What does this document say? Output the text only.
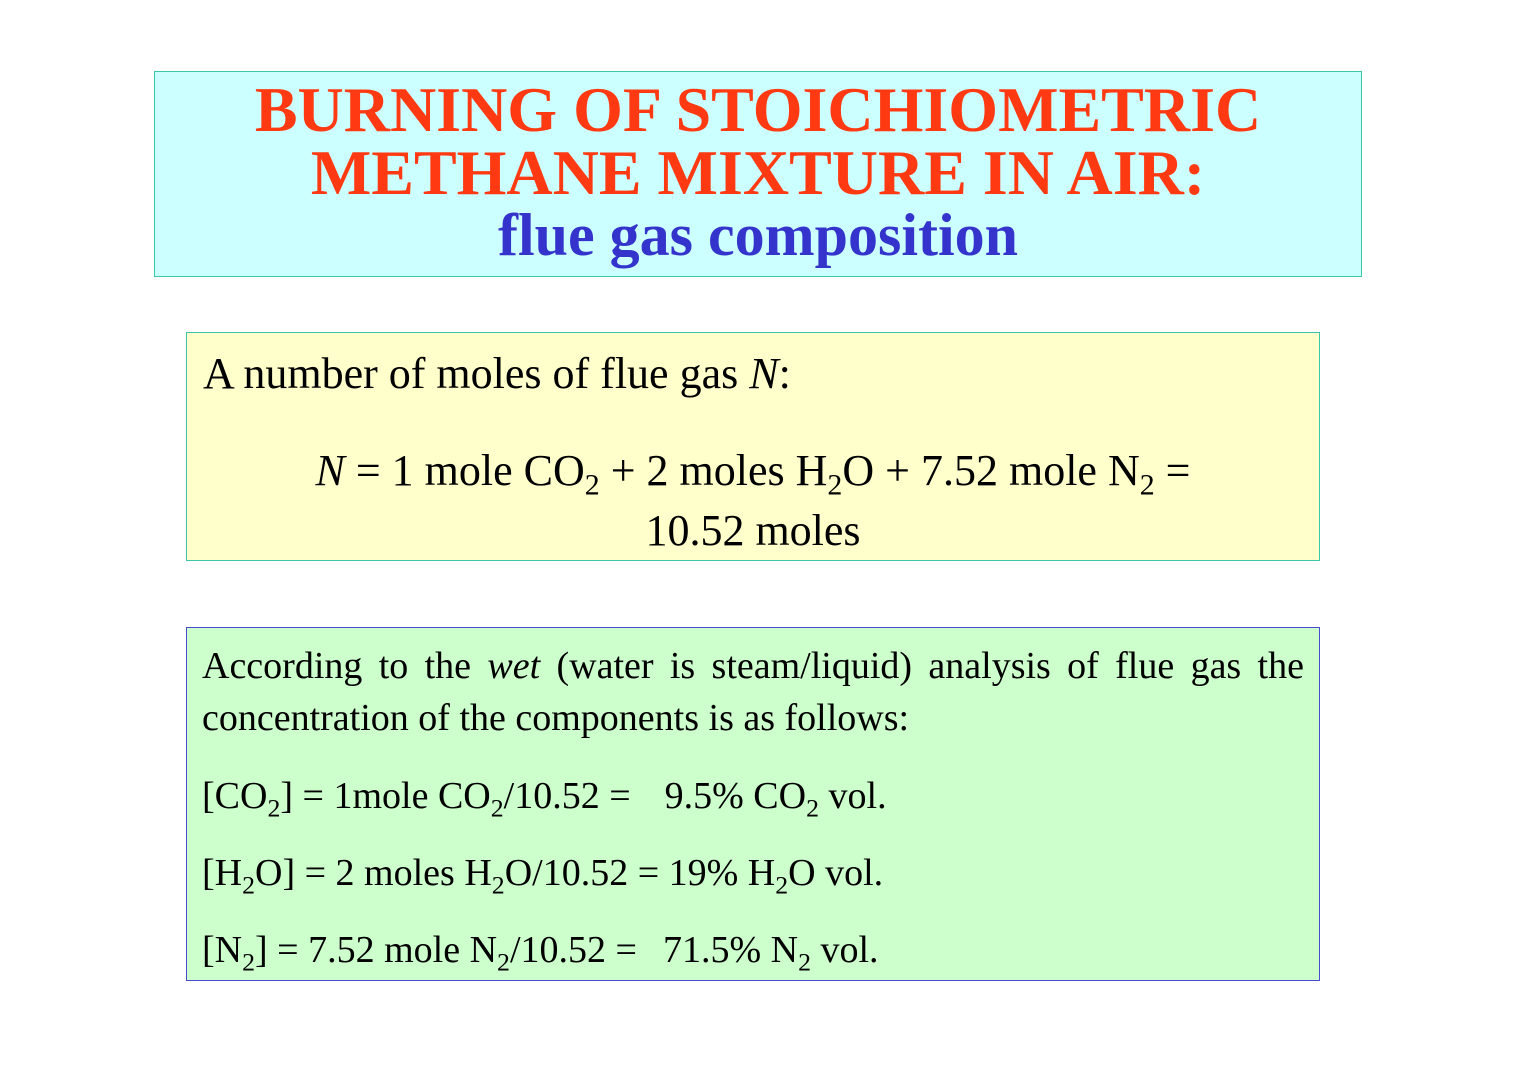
BURNING OF STOICHIOMETRIC
METHANE MIXTURE IN AIR:
flue gas composition
A number of moles of flue gas N:
N = 1 mole $CO_2 + 2$ moles $H_2O + 7.52$ mole $N_2$ =
10.52 moles
According to the wet (water is steam/liquid) analysis of flue gas the concentration of the components is as follows:
$[CO_2]$ = 1mole $CO_2/10.52 = 9.5\%$ $CO_2$ vol.
$[H_2O] = 2$ moles $H_2O/10.52 = 19\%$ $H_2O$ vol.
$[N_2] = 7.52$ mole $N_2/10.52 = 71.5\%$ $N_2$ vol.
